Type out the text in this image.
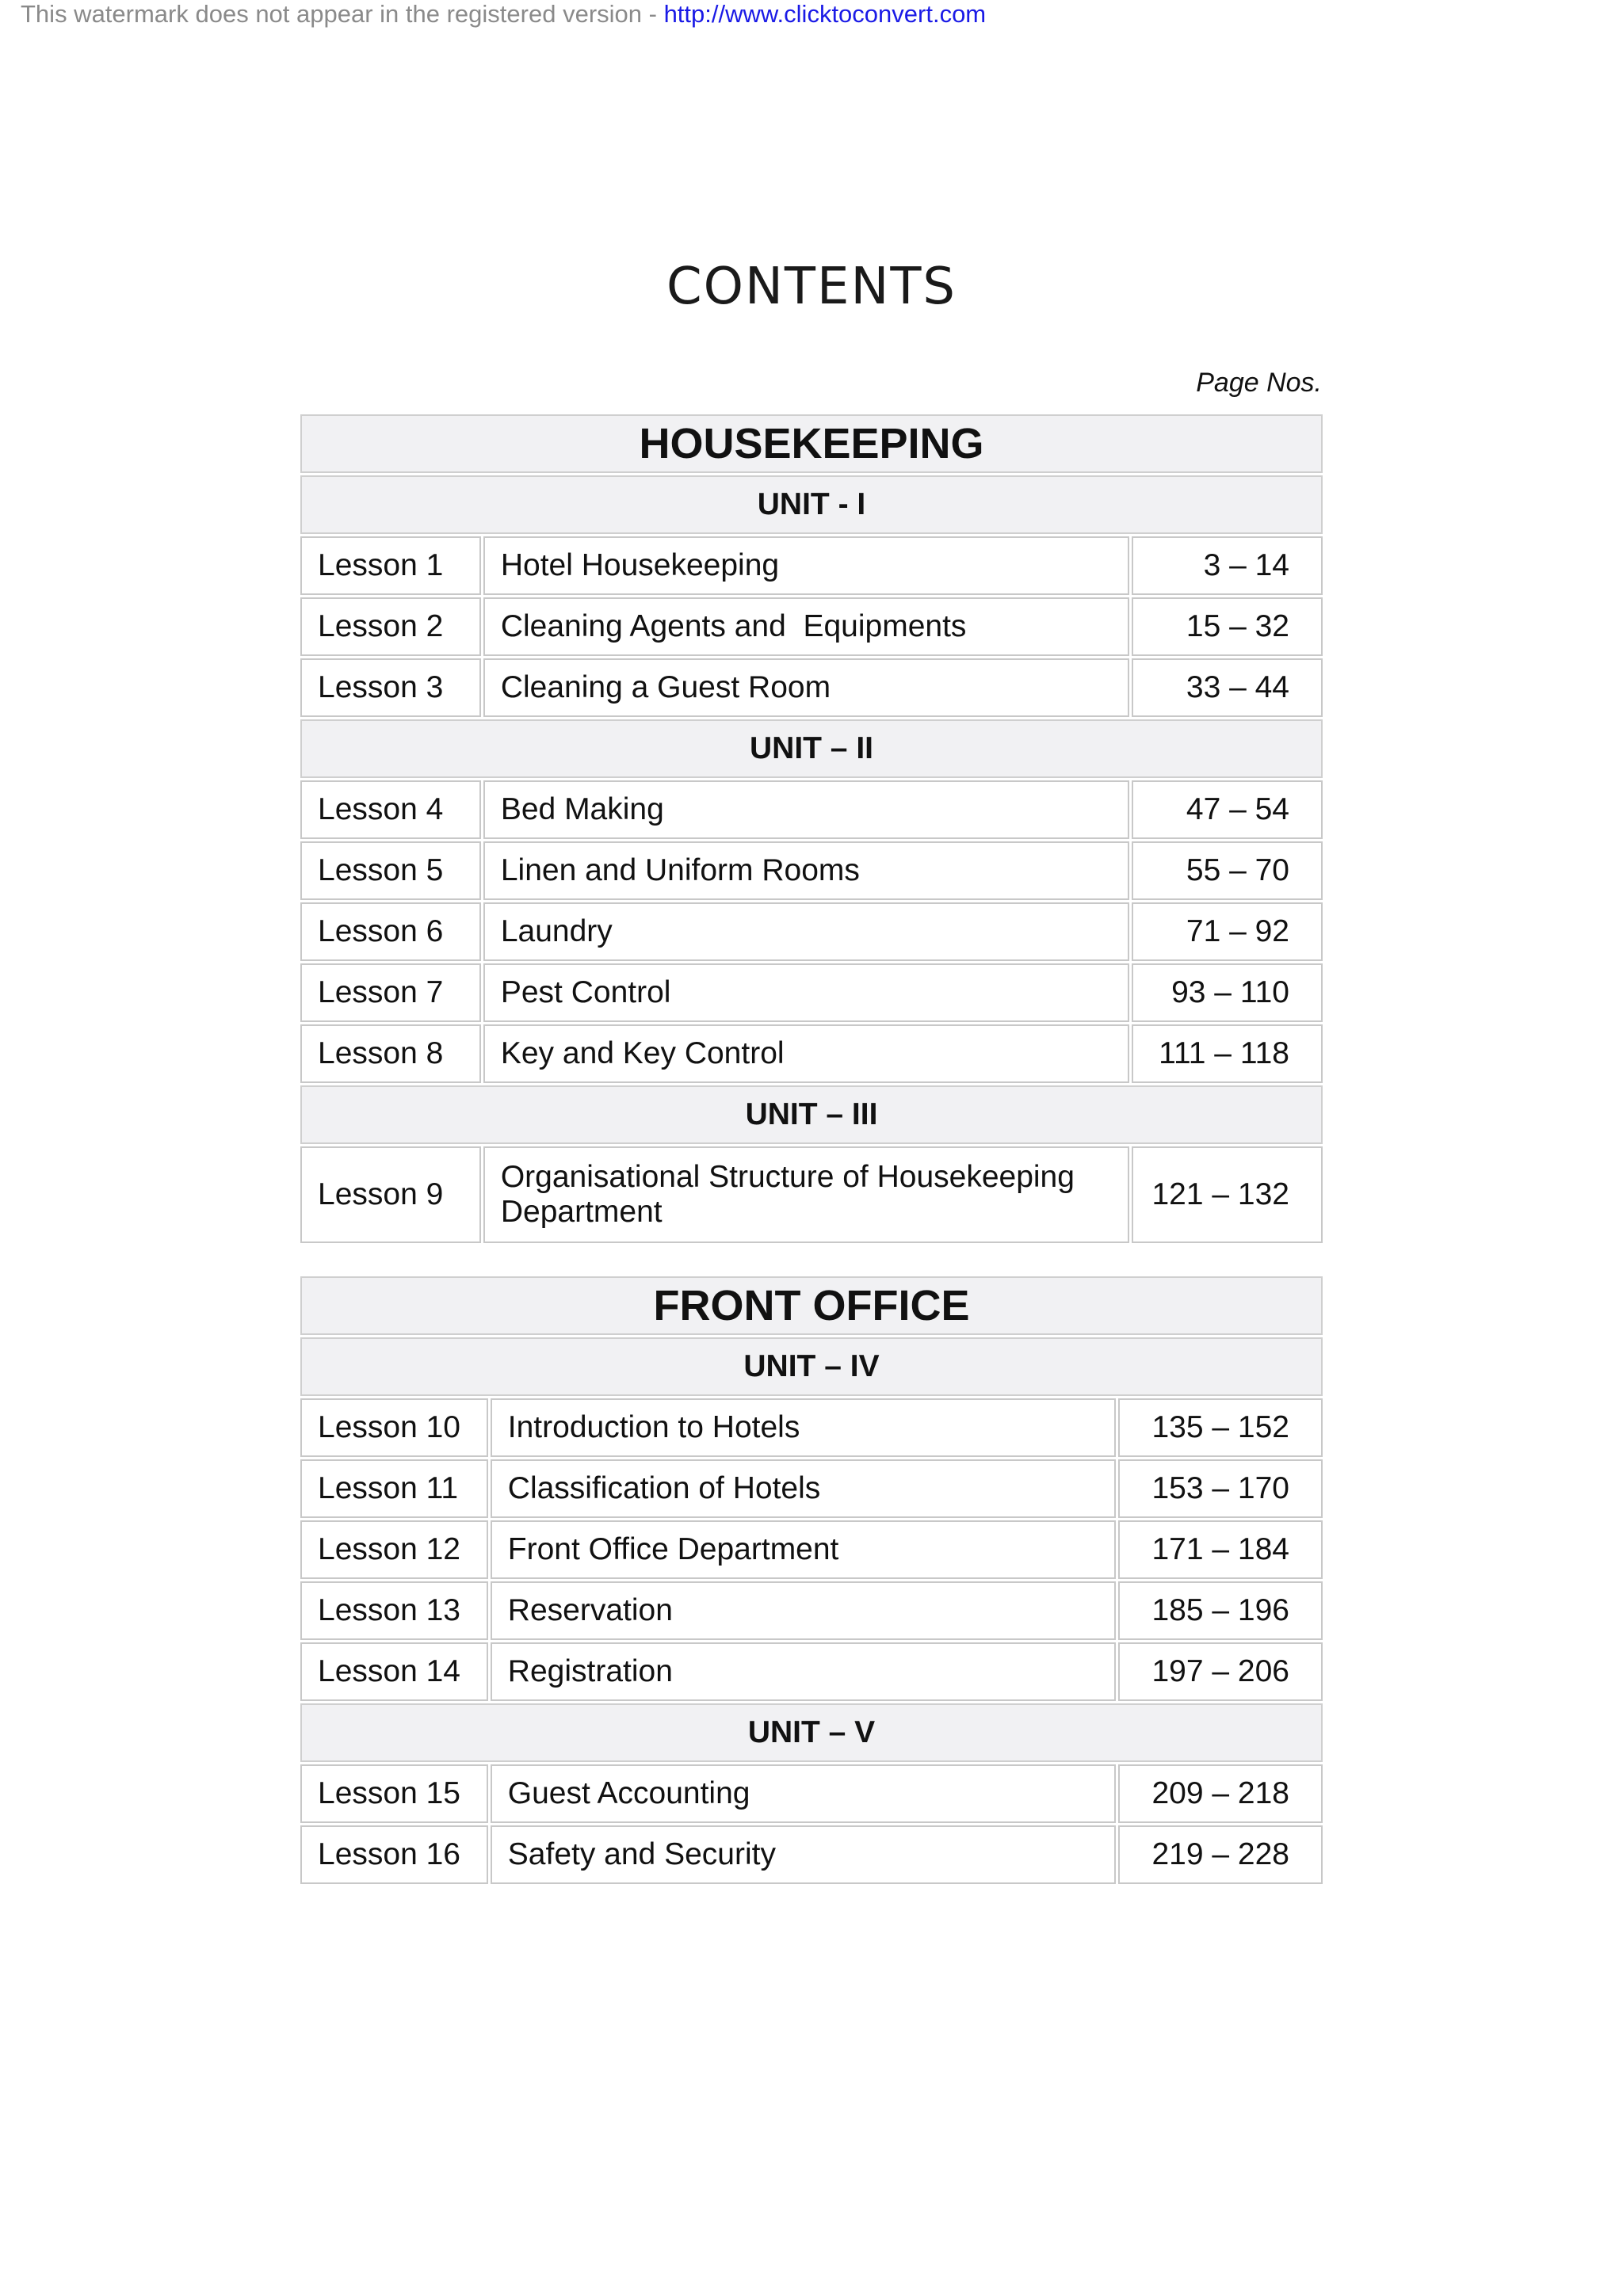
This watermark does not appear in the registered version - http://www.clicktoconvert.com
CONTENTS
Page Nos.
HOUSEKEEPING		
UNIT - I		
Lesson 1	Hotel Housekeeping	3 – 14
Lesson 2	Cleaning Agents and  Equipments	15 – 32
Lesson 3	Cleaning a Guest Room	33 – 44
UNIT – II		
Lesson 4	Bed Making	47 – 54
Lesson 5	Linen and Uniform Rooms	55 – 70
Lesson 6	Laundry	71 – 92
Lesson 7	Pest Control	93 – 110
Lesson 8	Key and Key Control	111 – 118
UNIT – III		
Lesson 9	Organisational Structure of Housekeeping Department	121 – 132
FRONT OFFICE		
UNIT – IV		
Lesson 10	Introduction to Hotels	135 – 152
Lesson 11	Classification of Hotels	153 – 170
Lesson 12	Front Office Department	171 – 184
Lesson 13	Reservation	185 – 196
Lesson 14	Registration	197 – 206
UNIT – V		
Lesson 15	Guest Accounting	209 – 218
Lesson 16	Safety and Security	219 – 228
